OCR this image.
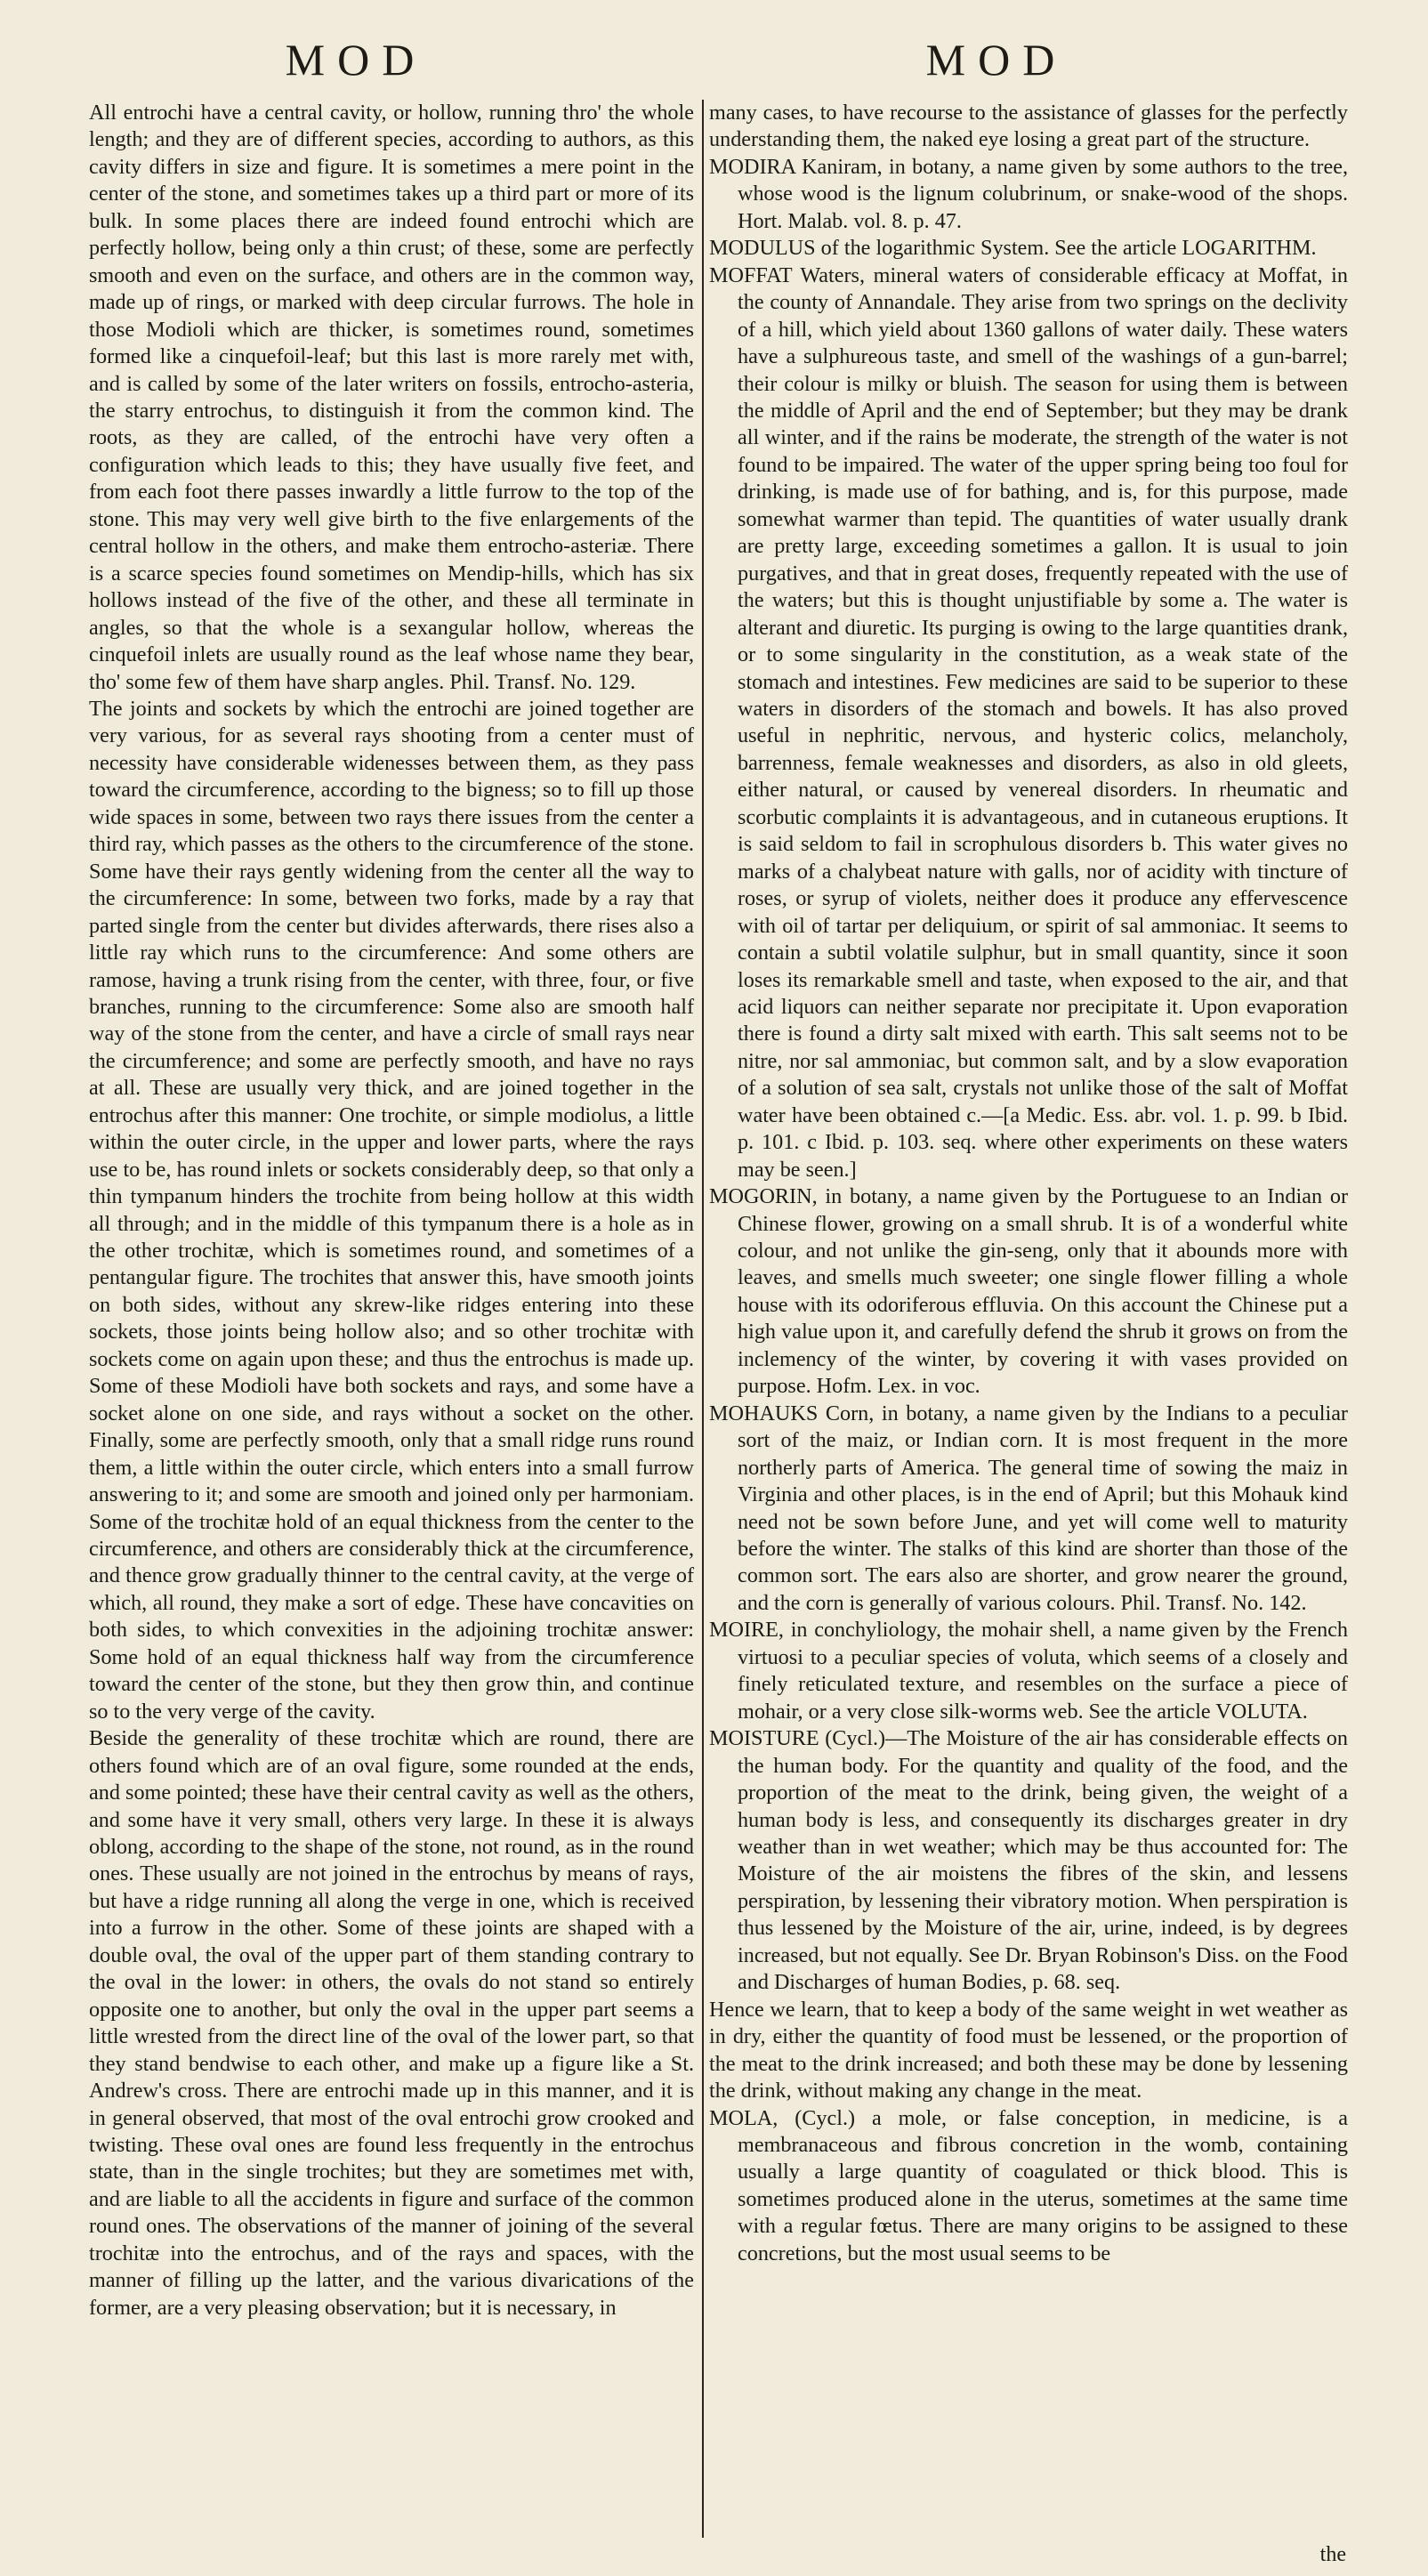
MOD	MOD

All entrochi have a central cavity, or hollow, running thro' the whole length; and they are of different species, according to authors, as this cavity differs in size and figure. It is sometimes a mere point in the center of the stone, and sometimes takes up a third part or more of its bulk. In some places there are indeed found entrochi which are perfectly hollow, being only a thin crust; of these, some are perfectly smooth and even on the surface, and others are in the common way, made up of rings, or marked with deep circular furrows. The hole in those Modioli which are thicker, is sometimes round, sometimes formed like a cinquefoil-leaf; but this last is more rarely met with, and is called by some of the later writers on fossils, entrocho-asteria, the starry entrochus, to distinguish it from the common kind. The roots, as they are called, of the entrochi have very often a configuration which leads to this; they have usually five feet, and from each foot there passes inwardly a little furrow to the top of the stone. This may very well give birth to the five enlargements of the central hollow in the others, and make them entrocho-asteriæ. There is a scarce species found sometimes on Mendip-hills, which has six hollows instead of the five of the other, and these all terminate in angles, so that the whole is a sexangular hollow, whereas the cinquefoil inlets are usually round as the leaf whose name they bear, tho' some few of them have sharp angles. Phil. Transf. No. 129.

The joints and sockets by which the entrochi are joined together are very various, for as several rays shooting from a center must of necessity have considerable widenesses between them, as they pass toward the circumference, according to the bigness; so to fill up those wide spaces in some, between two rays there issues from the center a third ray, which passes as the others to the circumference of the stone. Some have their rays gently widening from the center all the way to the circumference: In some, between two forks, made by a ray that parted single from the center but divides afterwards, there rises also a little ray which runs to the circumference: And some others are ramose, having a trunk rising from the center, with three, four, or five branches, running to the circumference: Some also are smooth half way of the stone from the center, and have a circle of small rays near the circumference; and some are perfectly smooth, and have no rays at all. These are usually very thick, and are joined together in the entrochus after this manner: One trochite, or simple modiolus, a little within the outer circle, in the upper and lower parts, where the rays use to be, has round inlets or sockets considerably deep, so that only a thin tympanum hinders the trochite from being hollow at this width all through; and in the middle of this tympanum there is a hole as in the other trochitæ, which is sometimes round, and sometimes of a pentangular figure. The trochites that answer this, have smooth joints on both sides, without any skrew-like ridges entering into these sockets, those joints being hollow also; and so other trochitæ with sockets come on again upon these; and thus the entrochus is made up. Some of these Modioli have both sockets and rays, and some have a socket alone on one side, and rays without a socket on the other. Finally, some are perfectly smooth, only that a small ridge runs round them, a little within the outer circle, which enters into a small furrow answering to it; and some are smooth and joined only per harmoniam. Some of the trochitæ hold of an equal thickness from the center to the circumference, and others are considerably thick at the circumference, and thence grow gradually thinner to the central cavity, at the verge of which, all round, they make a sort of edge. These have concavities on both sides, to which convexities in the adjoining trochitæ answer: Some hold of an equal thickness half way from the circumference toward the center of the stone, but they then grow thin, and continue so to the very verge of the cavity.

Beside the generality of these trochitæ which are round, there are others found which are of an oval figure, some rounded at the ends, and some pointed; these have their central cavity as well as the others, and some have it very small, others very large. In these it is always oblong, according to the shape of the stone, not round, as in the round ones. These usually are not joined in the entrochus by means of rays, but have a ridge running all along the verge in one, which is received into a furrow in the other. Some of these joints are shaped with a double oval, the oval of the upper part of them standing contrary to the oval in the lower: in others, the ovals do not stand so entirely opposite one to another, but only the oval in the upper part seems a little wrested from the direct line of the oval of the lower part, so that they stand bendwise to each other, and make up a figure like a St. Andrew's cross. There are entrochi made up in this manner, and it is in general observed, that most of the oval entrochi grow crooked and twisting. These oval ones are found less frequently in the entrochus state, than in the single trochites; but they are sometimes met with, and are liable to all the accidents in figure and surface of the common round ones. The observations of the manner of joining of the several trochitæ into the entrochus, and of the rays and spaces, with the manner of filling up the latter, and the various divarications of the former, are a very pleasing observation; but it is necessary, in

many cases, to have recourse to the assistance of glasses for the perfectly understanding them, the naked eye losing a great part of the structure.

MODIRA Kaniram, in botany, a name given by some authors to the tree, whose wood is the lignum colubrinum, or snake-wood of the shops. Hort. Malab. vol. 8. p. 47.

MODULUS of the logarithmic System. See the article LOGARITHM.

MOFFAT Waters, mineral waters of considerable efficacy at Moffat, in the county of Annandale. They arise from two springs on the declivity of a hill, which yield about 1360 gallons of water daily. These waters have a sulphureous taste, and smell of the washings of a gun-barrel; their colour is milky or bluish. The season for using them is between the middle of April and the end of September; but they may be drank all winter, and if the rains be moderate, the strength of the water is not found to be impaired. The water of the upper spring being too foul for drinking, is made use of for bathing, and is, for this purpose, made somewhat warmer than tepid. The quantities of water usually drank are pretty large, exceeding sometimes a gallon. It is usual to join purgatives, and that in great doses, frequently repeated with the use of the waters; but this is thought unjustifiable by some a. The water is alterant and diuretic. Its purging is owing to the large quantities drank, or to some singularity in the constitution, as a weak state of the stomach and intestines. Few medicines are said to be superior to these waters in disorders of the stomach and bowels. It has also proved useful in nephritic, nervous, and hysteric colics, melancholy, barrenness, female weaknesses and disorders, as also in old gleets, either natural, or caused by venereal disorders. In rheumatic and scorbutic complaints it is advantageous, and in cutaneous eruptions. It is said seldom to fail in scrophulous disorders b. This water gives no marks of a chalybeat nature with galls, nor of acidity with tincture of roses, or syrup of violets, neither does it produce any effervescence with oil of tartar per deliquium, or spirit of sal ammoniac. It seems to contain a subtil volatile sulphur, but in small quantity, since it soon loses its remarkable smell and taste, when exposed to the air, and that acid liquors can neither separate nor precipitate it. Upon evaporation there is found a dirty salt mixed with earth. This salt seems not to be nitre, nor sal ammoniac, but common salt, and by a slow evaporation of a solution of sea salt, crystals not unlike those of the salt of Moffat water have been obtained c.—[a Medic. Ess. abr. vol. 1. p. 99. b Ibid. p. 101. c Ibid. p. 103. seq. where other experiments on these waters may be seen.]

MOGORIN, in botany, a name given by the Portuguese to an Indian or Chinese flower, growing on a small shrub. It is of a wonderful white colour, and not unlike the gin-seng, only that it abounds more with leaves, and smells much sweeter; one single flower filling a whole house with its odoriferous effluvia. On this account the Chinese put a high value upon it, and carefully defend the shrub it grows on from the inclemency of the winter, by covering it with vases provided on purpose. Hofm. Lex. in voc.

MOHAUKS Corn, in botany, a name given by the Indians to a peculiar sort of the maiz, or Indian corn. It is most frequent in the more northerly parts of America. The general time of sowing the maiz in Virginia and other places, is in the end of April; but this Mohauk kind need not be sown before June, and yet will come well to maturity before the winter. The stalks of this kind are shorter than those of the common sort. The ears also are shorter, and grow nearer the ground, and the corn is generally of various colours. Phil. Transf. No. 142.

MOIRE, in conchyliology, the mohair shell, a name given by the French virtuosi to a peculiar species of voluta, which seems of a closely and finely reticulated texture, and resembles on the surface a piece of mohair, or a very close silk-worms web. See the article VOLUTA.

MOISTURE (Cycl.)—The Moisture of the air has considerable effects on the human body. For the quantity and quality of the food, and the proportion of the meat to the drink, being given, the weight of a human body is less, and consequently its discharges greater in dry weather than in wet weather; which may be thus accounted for: The Moisture of the air moistens the fibres of the skin, and lessens perspiration, by lessening their vibratory motion. When perspiration is thus lessened by the Moisture of the air, urine, indeed, is by degrees increased, but not equally. See Dr. Bryan Robinson's Diss. on the Food and Discharges of human Bodies, p. 68. seq.

Hence we learn, that to keep a body of the same weight in wet weather as in dry, either the quantity of food must be lessened, or the proportion of the meat to the drink increased; and both these may be done by lessening the drink, without making any change in the meat.

MOLA, (Cycl.) a mole, or false conception, in medicine, is a membranaceous and fibrous concretion in the womb, containing usually a large quantity of coagulated or thick blood. This is sometimes produced alone in the uterus, sometimes at the same time with a regular fœtus. There are many origins to be assigned to these concretions, but the most usual seems to be

the
